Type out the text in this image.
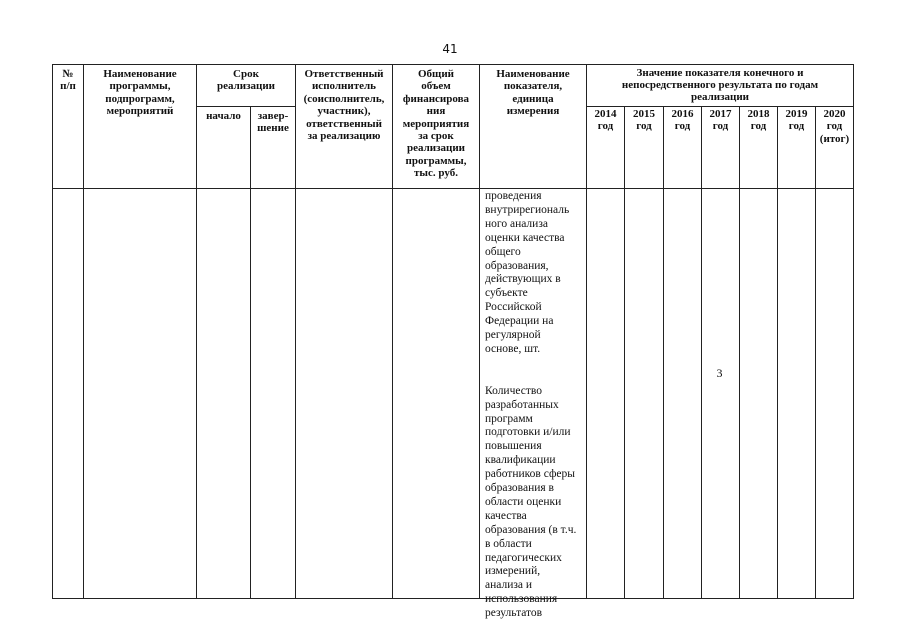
41
№
п/п
Наименование
программы,
подпрограмм,
мероприятий
Срок
реализации
начало	завер-
шение
Ответственный
исполнитель
(соисполнитель,
участник),
ответственный
за реализацию
Общий
объем
финансирова
ния
мероприятия
за срок
реализации
программы,
тыс. руб.
Наименование
показателя,
единица
измерения
Значение показателя конечного и
непосредственного результата по годам
реализации
2014
год
2015
год
2016
год
2017
год
2018
год
2019
год
2020
год
(итог)
проведения
внутрирегиональ
ного анализа
оценки качества
общего
образования,
действующих в
субъекте
Российской
Федерации на
регулярной
основе, шт.

Количество
разработанных
программ
подготовки и/или
повышения
квалификации
работников сферы
образования в
области оценки
качества
образования (в т.ч.
в области
педагогических
измерений,
анализа и
использования
результатов
3
